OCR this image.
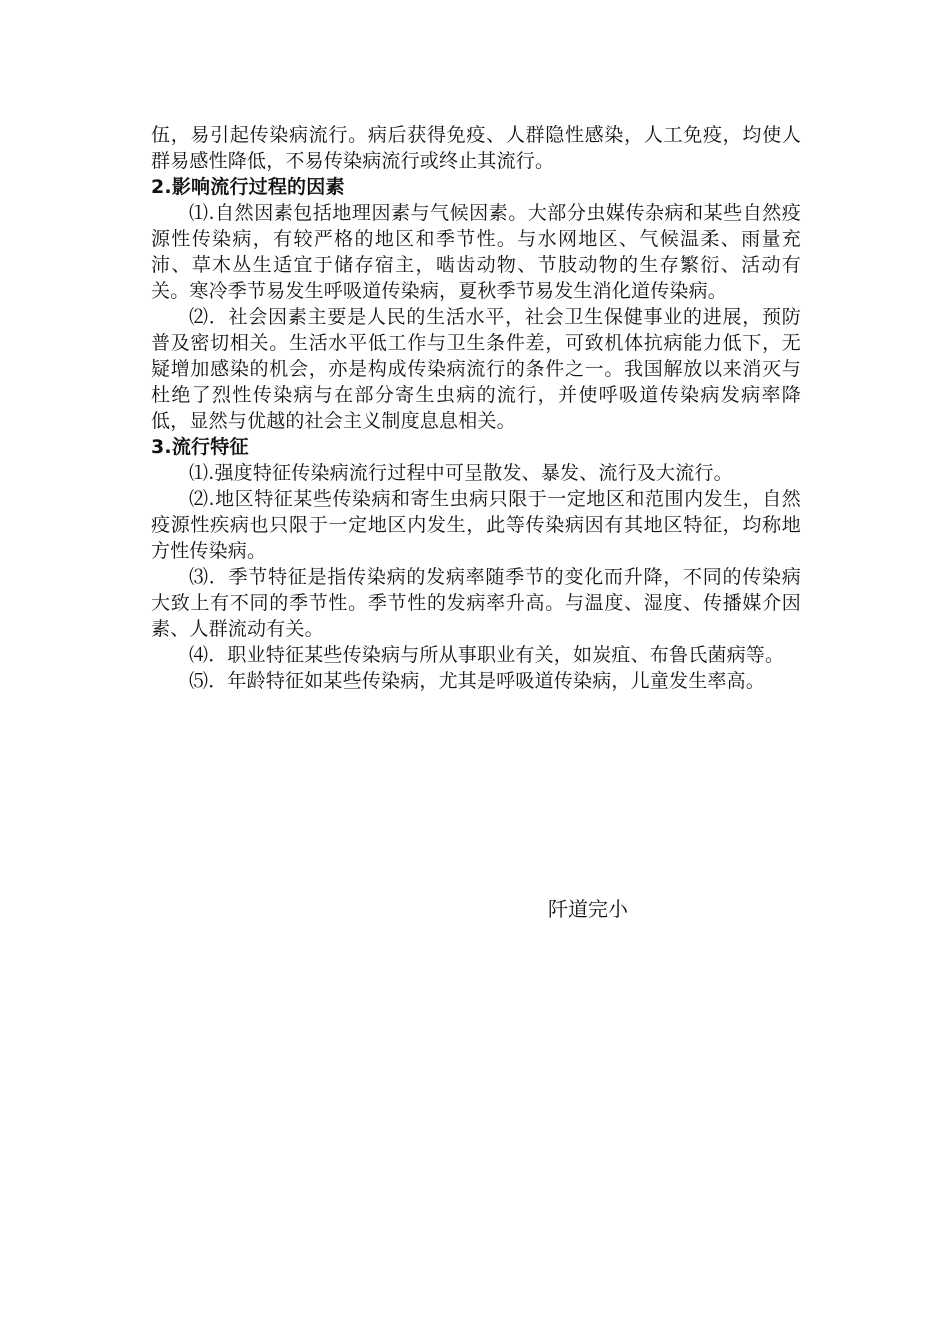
伍，易引起传染病流行。病后获得免疫、人群隐性感染，人工免疫，均使人群易感性降低，不易传染病流行或终止其流行。

2.影响流行过程的因素

⑴.自然因素包括地理因素与气候因素。大部分虫媒传杂病和某些自然疫源性传染病，有较严格的地区和季节性。与水网地区、气候温柔、雨量充沛、草木丛生适宜于储存宿主，啮齿动物、节肢动物的生存繁衍、活动有关。寒冷季节易发生呼吸道传染病，夏秋季节易发生消化道传染病。

⑵．社会因素主要是人民的生活水平，社会卫生保健事业的进展，预防普及密切相关。生活水平低工作与卫生条件差，可致机体抗病能力低下，无疑增加感染的机会，亦是构成传染病流行的条件之一。我国解放以来消灭与杜绝了烈性传染病与在部分寄生虫病的流行，并使呼吸道传染病发病率降低，显然与优越的社会主义制度息息相关。

3.流行特征

⑴.强度特征传染病流行过程中可呈散发、暴发、流行及大流行。

⑵.地区特征某些传染病和寄生虫病只限于一定地区和范围内发生，自然疫源性疾病也只限于一定地区内发生，此等传染病因有其地区特征，均称地方性传染病。

⑶．季节特征是指传染病的发病率随季节的变化而升降，不同的传染病大致上有不同的季节性。季节性的发病率升高。与温度、湿度、传播媒介因素、人群流动有关。

⑷．职业特征某些传染病与所从事职业有关，如炭疽、布鲁氏菌病等。

⑸．年龄特征如某些传染病，尤其是呼吸道传染病，儿童发生率高。

阡道完小
